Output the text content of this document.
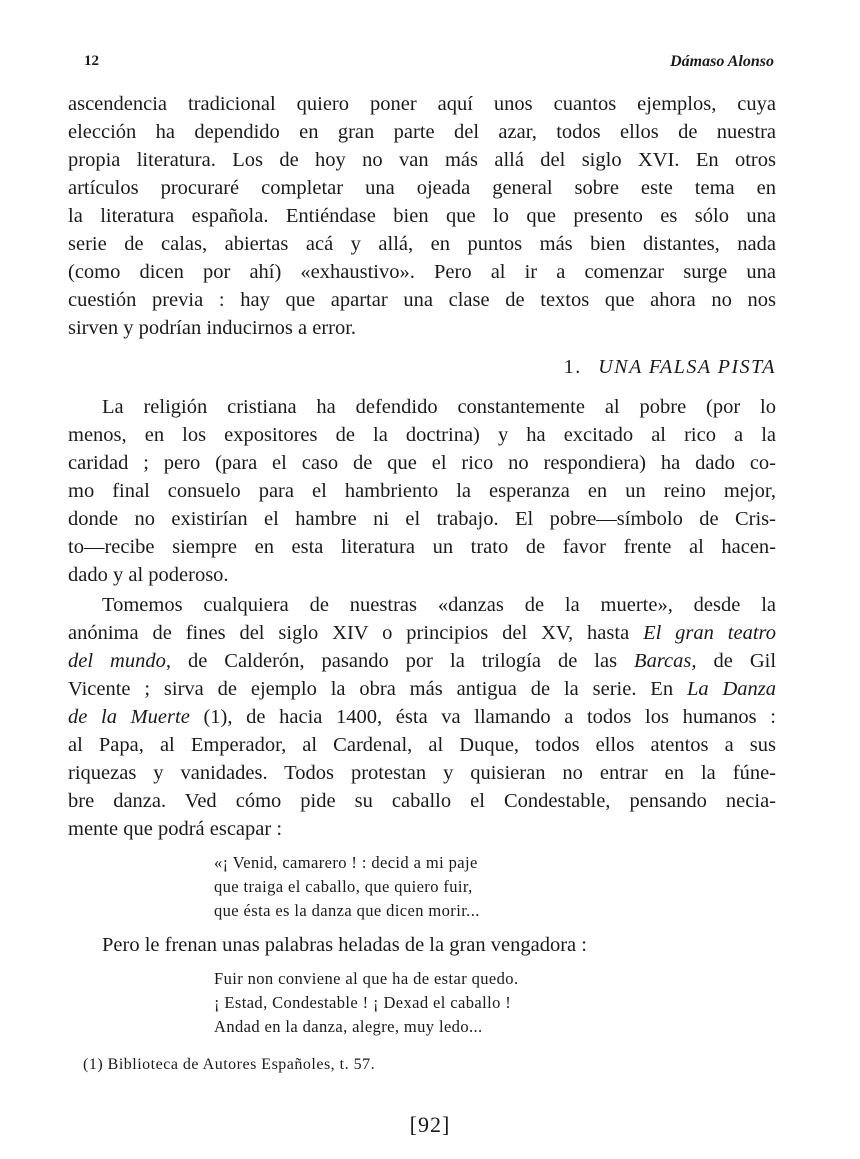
12	Dámaso Alonso
ascendencia tradicional quiero poner aquí unos cuantos ejemplos, cuya
elección ha dependido en gran parte del azar, todos ellos de nuestra
propia literatura. Los de hoy no van más allá del siglo XVI. En otros
artículos procuraré completar una ojeada general sobre este tema en
la literatura española. Entiéndase bien que lo que presento es sólo una
serie de calas, abiertas acá y allá, en puntos más bien distantes, nada
(como dicen por ahí) «exhaustivo». Pero al ir a comenzar surge una
cuestión previa : hay que apartar una clase de textos que ahora no nos
sirven y podrían inducirnos a error.
1. UNA FALSA PISTA
La religión cristiana ha defendido constantemente al pobre (por lo
menos, en los expositores de la doctrina) y ha excitado al rico a la
caridad ; pero (para el caso de que el rico no respondiera) ha dado co-
mo final consuelo para el hambriento la esperanza en un reino mejor,
donde no existirían el hambre ni el trabajo. El pobre—símbolo de Cris-
to—recibe siempre en esta literatura un trato de favor frente al hacen-
dado y al poderoso.
Tomemos cualquiera de nuestras «danzas de la muerte», desde la
anónima de fines del siglo XIV o principios del XV, hasta El gran teatro
del mundo, de Calderón, pasando por la trilogía de las Barcas, de Gil
Vicente ; sirva de ejemplo la obra más antigua de la serie. En La Danza
de la Muerte (1), de hacia 1400, ésta va llamando a todos los humanos :
al Papa, al Emperador, al Cardenal, al Duque, todos ellos atentos a sus
riquezas y vanidades. Todos protestan y quisieran no entrar en la fúne-
bre danza. Ved cómo pide su caballo el Condestable, pensando necia-
mente que podrá escapar :
«¡ Venid, camarero ! : decid a mi paje
que traiga el caballo, que quiero fuir,
que ésta es la danza que dicen morir...
Pero le frenan unas palabras heladas de la gran vengadora :
Fuir non conviene al que ha de estar quedo.
¡ Estad, Condestable ! ¡ Dexad el caballo !
Andad en la danza, alegre, muy ledo...
(1) Biblioteca de Autores Españoles, t. 57.
[92]
